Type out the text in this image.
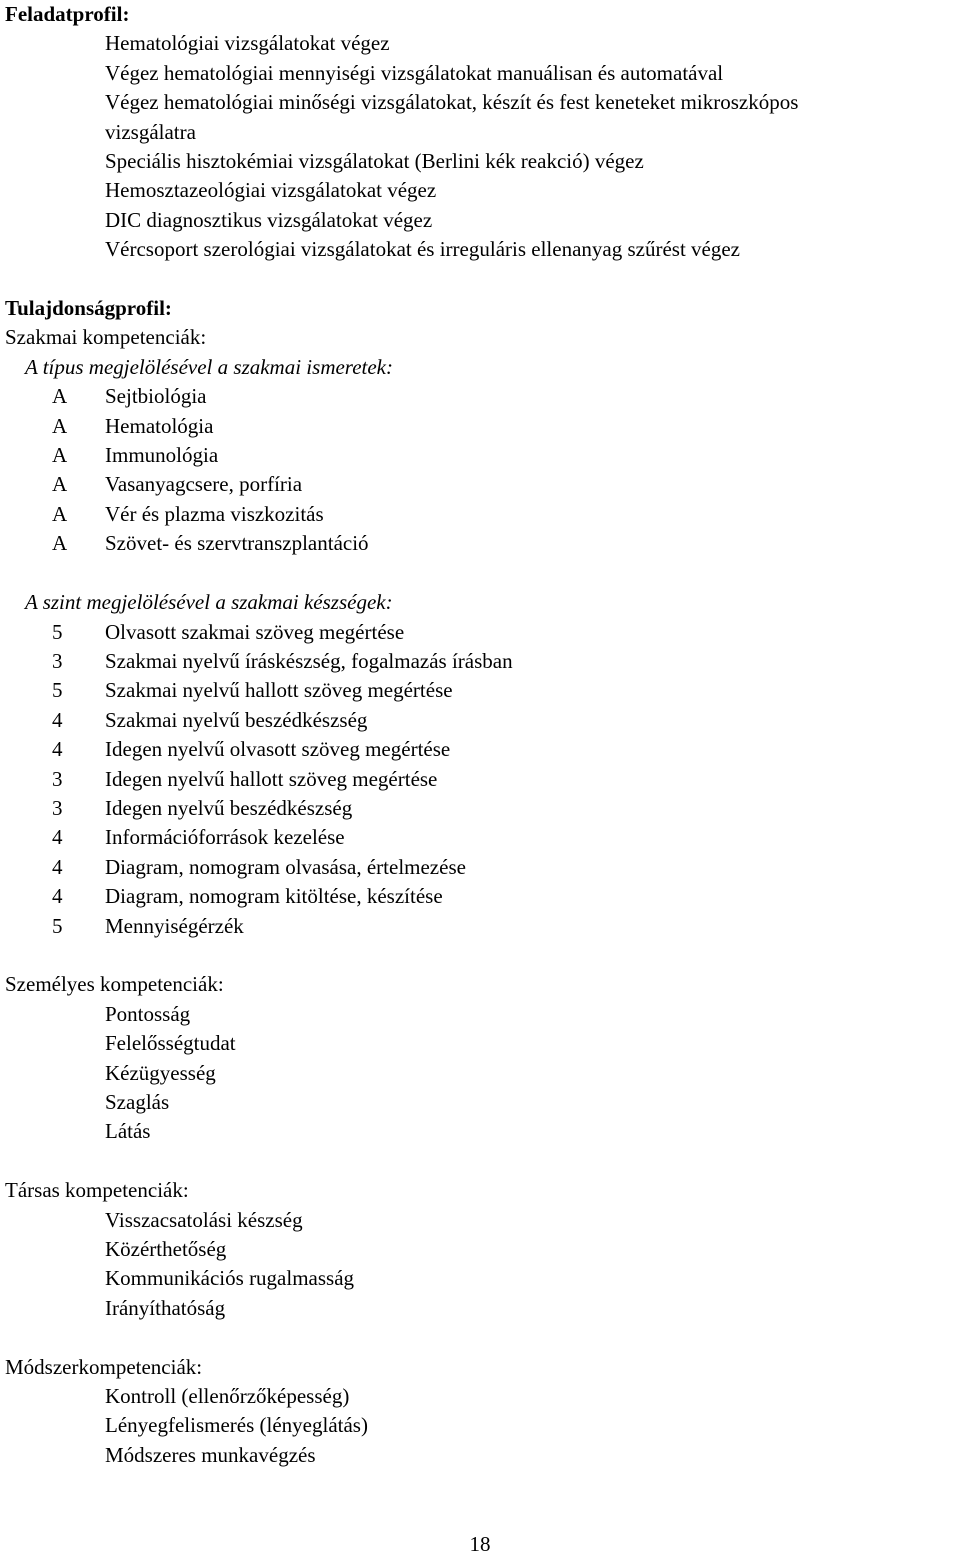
Feladatprofil:
Hematológiai vizsgálatokat végez
Végez hematológiai mennyiségi vizsgálatokat manuálisan és automatával
Végez hematológiai minőségi vizsgálatokat, készít és fest keneteket mikroszkópos
vizsgálatra
Speciális hisztokémiai vizsgálatokat (Berlini kék reakció) végez
Hemosztazeológiai vizsgálatokat végez
DIC diagnosztikus vizsgálatokat végez
Vércsoport szerológiai vizsgálatokat és irreguláris ellenanyag szűrést végez
Tulajdonságprofil:
Szakmai kompetenciák:
A típus megjelölésével a szakmai ismeretek:
A	Sejtbiológia
A	Hematológia
A	Immunológia
A	Vasanyagcsere, porfíria
A	Vér és plazma viszkozitás
A	Szövet- és szervtranszplantáció
A szint megjelölésével a szakmai készségek:
5	Olvasott szakmai szöveg megértése
3	Szakmai nyelvű íráskészség, fogalmazás írásban
5	Szakmai nyelvű hallott szöveg megértése
4	Szakmai nyelvű beszédkészség
4	Idegen nyelvű olvasott szöveg megértése
3	Idegen nyelvű hallott szöveg megértése
3	Idegen nyelvű beszédkészség
4	Információforrások kezelése
4	Diagram, nomogram olvasása, értelmezése
4	Diagram, nomogram kitöltése, készítése
5	Mennyiségérzék
Személyes kompetenciák:
Pontosság
Felelősségtudat
Kézügyesség
Szaglás
Látás
Társas kompetenciák:
Visszacsatolási készség
Közérthetőség
Kommunikációs rugalmasság
Irányíthatóság
Módszerkompetenciák:
Kontroll (ellenőrzőképesség)
Lényegfelismerés (lényeglátás)
Módszeres munkavégzés
18
